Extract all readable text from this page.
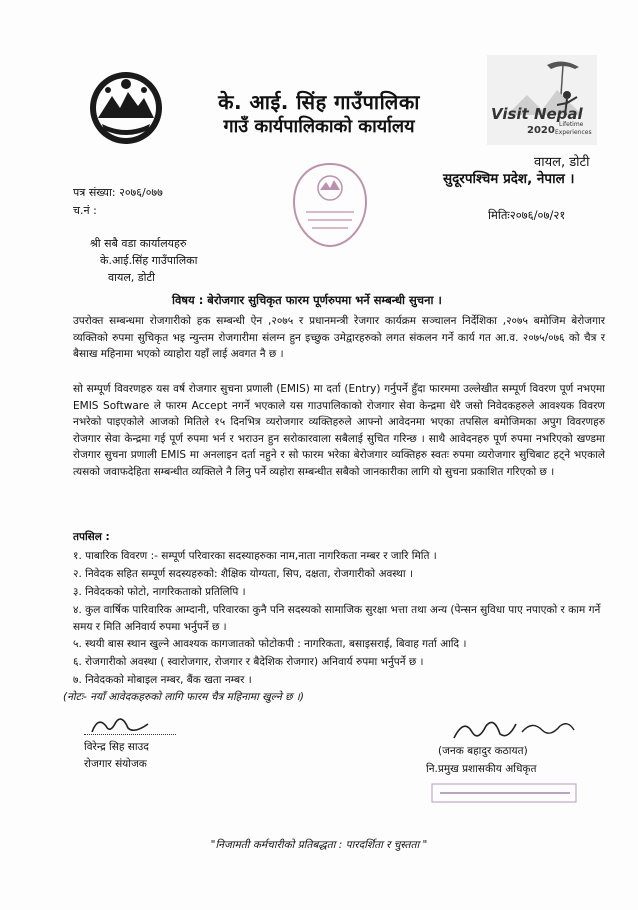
Visit Nepal
2020
Lifetime
Experiences
के. आई. सिंह गाउँपालिका
गाउँ कार्यपालिकाको कार्यालय
वायल, डोटी
सुदूरपश्चिम प्रदेश, नेपाल ।
पत्र संख्या: २०७६/०७७
च.नं :	मितिः२०७६/०७/२१
श्री सबै वडा कार्यालयहरु
के.आई.सिंह गाउँपालिका
वायल, डोटी
विषय : बेरोजगार सुचिकृत फारम पूर्णरुपमा भर्ने सम्बन्धी सुचना ।
उपरोक्त सम्बन्धमा रोजगारीको हक सम्बन्धी ऐन ,२०७५ र प्रधानमन्त्री रेजगार कार्यक्रम सञ्चालन निर्देशिका ,२०७५ बमोजिम बेरोजगार व्यक्तिको रुपमा सुचिकृत भइ न्युन्तम रोजगारीमा संलग्न हुन इच्छुक उमेद्वारहरुको लगत संकलन गर्ने कार्य गत आ.व. २०७५/०७६ को चैत्र र बैसाख महिनामा भएको व्याहोरा यहाँ लाई अवगत नै छ ।
सो सम्पूर्ण विवरणहरु यस वर्ष रोजगार सुचना प्रणाली (EMIS) मा दर्ता (Entry) गर्नुपर्ने हुँदा फारममा उल्लेखीत सम्पूर्ण विवरण पूर्ण नभएमा EMIS Software ले फारम Accept नगर्ने भएकाले यस गाउपालिकाको रोजगार सेवा केन्द्रमा धेरै जसो निवेदकहरुले आवश्यक विवरण नभरेको पाइएकोले आजको मितिले १५ दिनभित्र व्यरोजगार व्यक्तिहरुले आफ्नो आवेदनमा भएका तपसिल बमोजिमका अपुग विवरणहरु रोजगार सेवा केन्द्रमा गई पूर्ण रुपमा भर्न र भराउन हुन सरोकारवाला सबैलाई सुचित गरिन्छ । साथै आवेदनहरु पूर्ण रुपमा नभरिएको खण्डमा रोजगार सुचना प्रणाली EMIS मा अनलाइन दर्ता नहुने र सो फारम भरेका बेरोजगार व्यक्तिहरु स्वतः रुपमा व्यरोजगार सुचिबाट हट्ने भएकाले त्यसको जवाफदेहिता सम्बन्धीत व्यक्तिले नै लिनु पर्ने व्यहोरा सम्बन्धीत सबैको जानकारीका लागि यो सुचना प्रकाशित गरिएको छ ।
तपसिल :
१. पाबारिक विवरण :- सम्पूर्ण परिवारका सदस्याहरुका नाम,नाता नागरिकता नम्बर र जारि मिति ।
२. निवेदक सहित सम्पूर्ण सदस्यहरुको: शैक्षिक योग्यता, सिप, दक्षता, रोजगारीको अवस्था ।
३. निवेदकको फोटो, नागरिकताको प्रतिलिपि ।
४. कुल वार्षिक पारिवारिक आम्दानी, परिवारका कुनै पनि सदस्यको सामाजिक सुरक्षा भत्ता तथा अन्य (पेन्सन सुविधा पाए नपाएको र काम गर्ने समय र मिति अनिवार्य रुपमा भर्नुपर्ने छ ।
५. स्थयी बास स्थान खुल्ने आवश्यक कागजातको फोटोकपी : नागरिकता, बसाइसराई, बिवाह गर्ता आदि ।
६. रोजगारीको अवस्था ( स्वारोजगार, रोजगार र बैदेशिक रोजगार) अनिवार्य रुपमा भर्नुपर्ने छ ।
७. निवेदकको मोबाइल नम्बर, बैंक खता नम्बर ।
(नोटः- नयाँ आवेदकहरुको लागि फारम चैत्र महिनामा खुल्ने छ ।)
विरेन्द्र सिह साउद
रोजगार संयोजक
(जनक बहादुर कठायत)
नि.प्रमुख प्रशासकीय अधिकृत
"निजामती कर्मचारीको प्रतिबद्धता : पारदर्शिता र चुस्तता "
